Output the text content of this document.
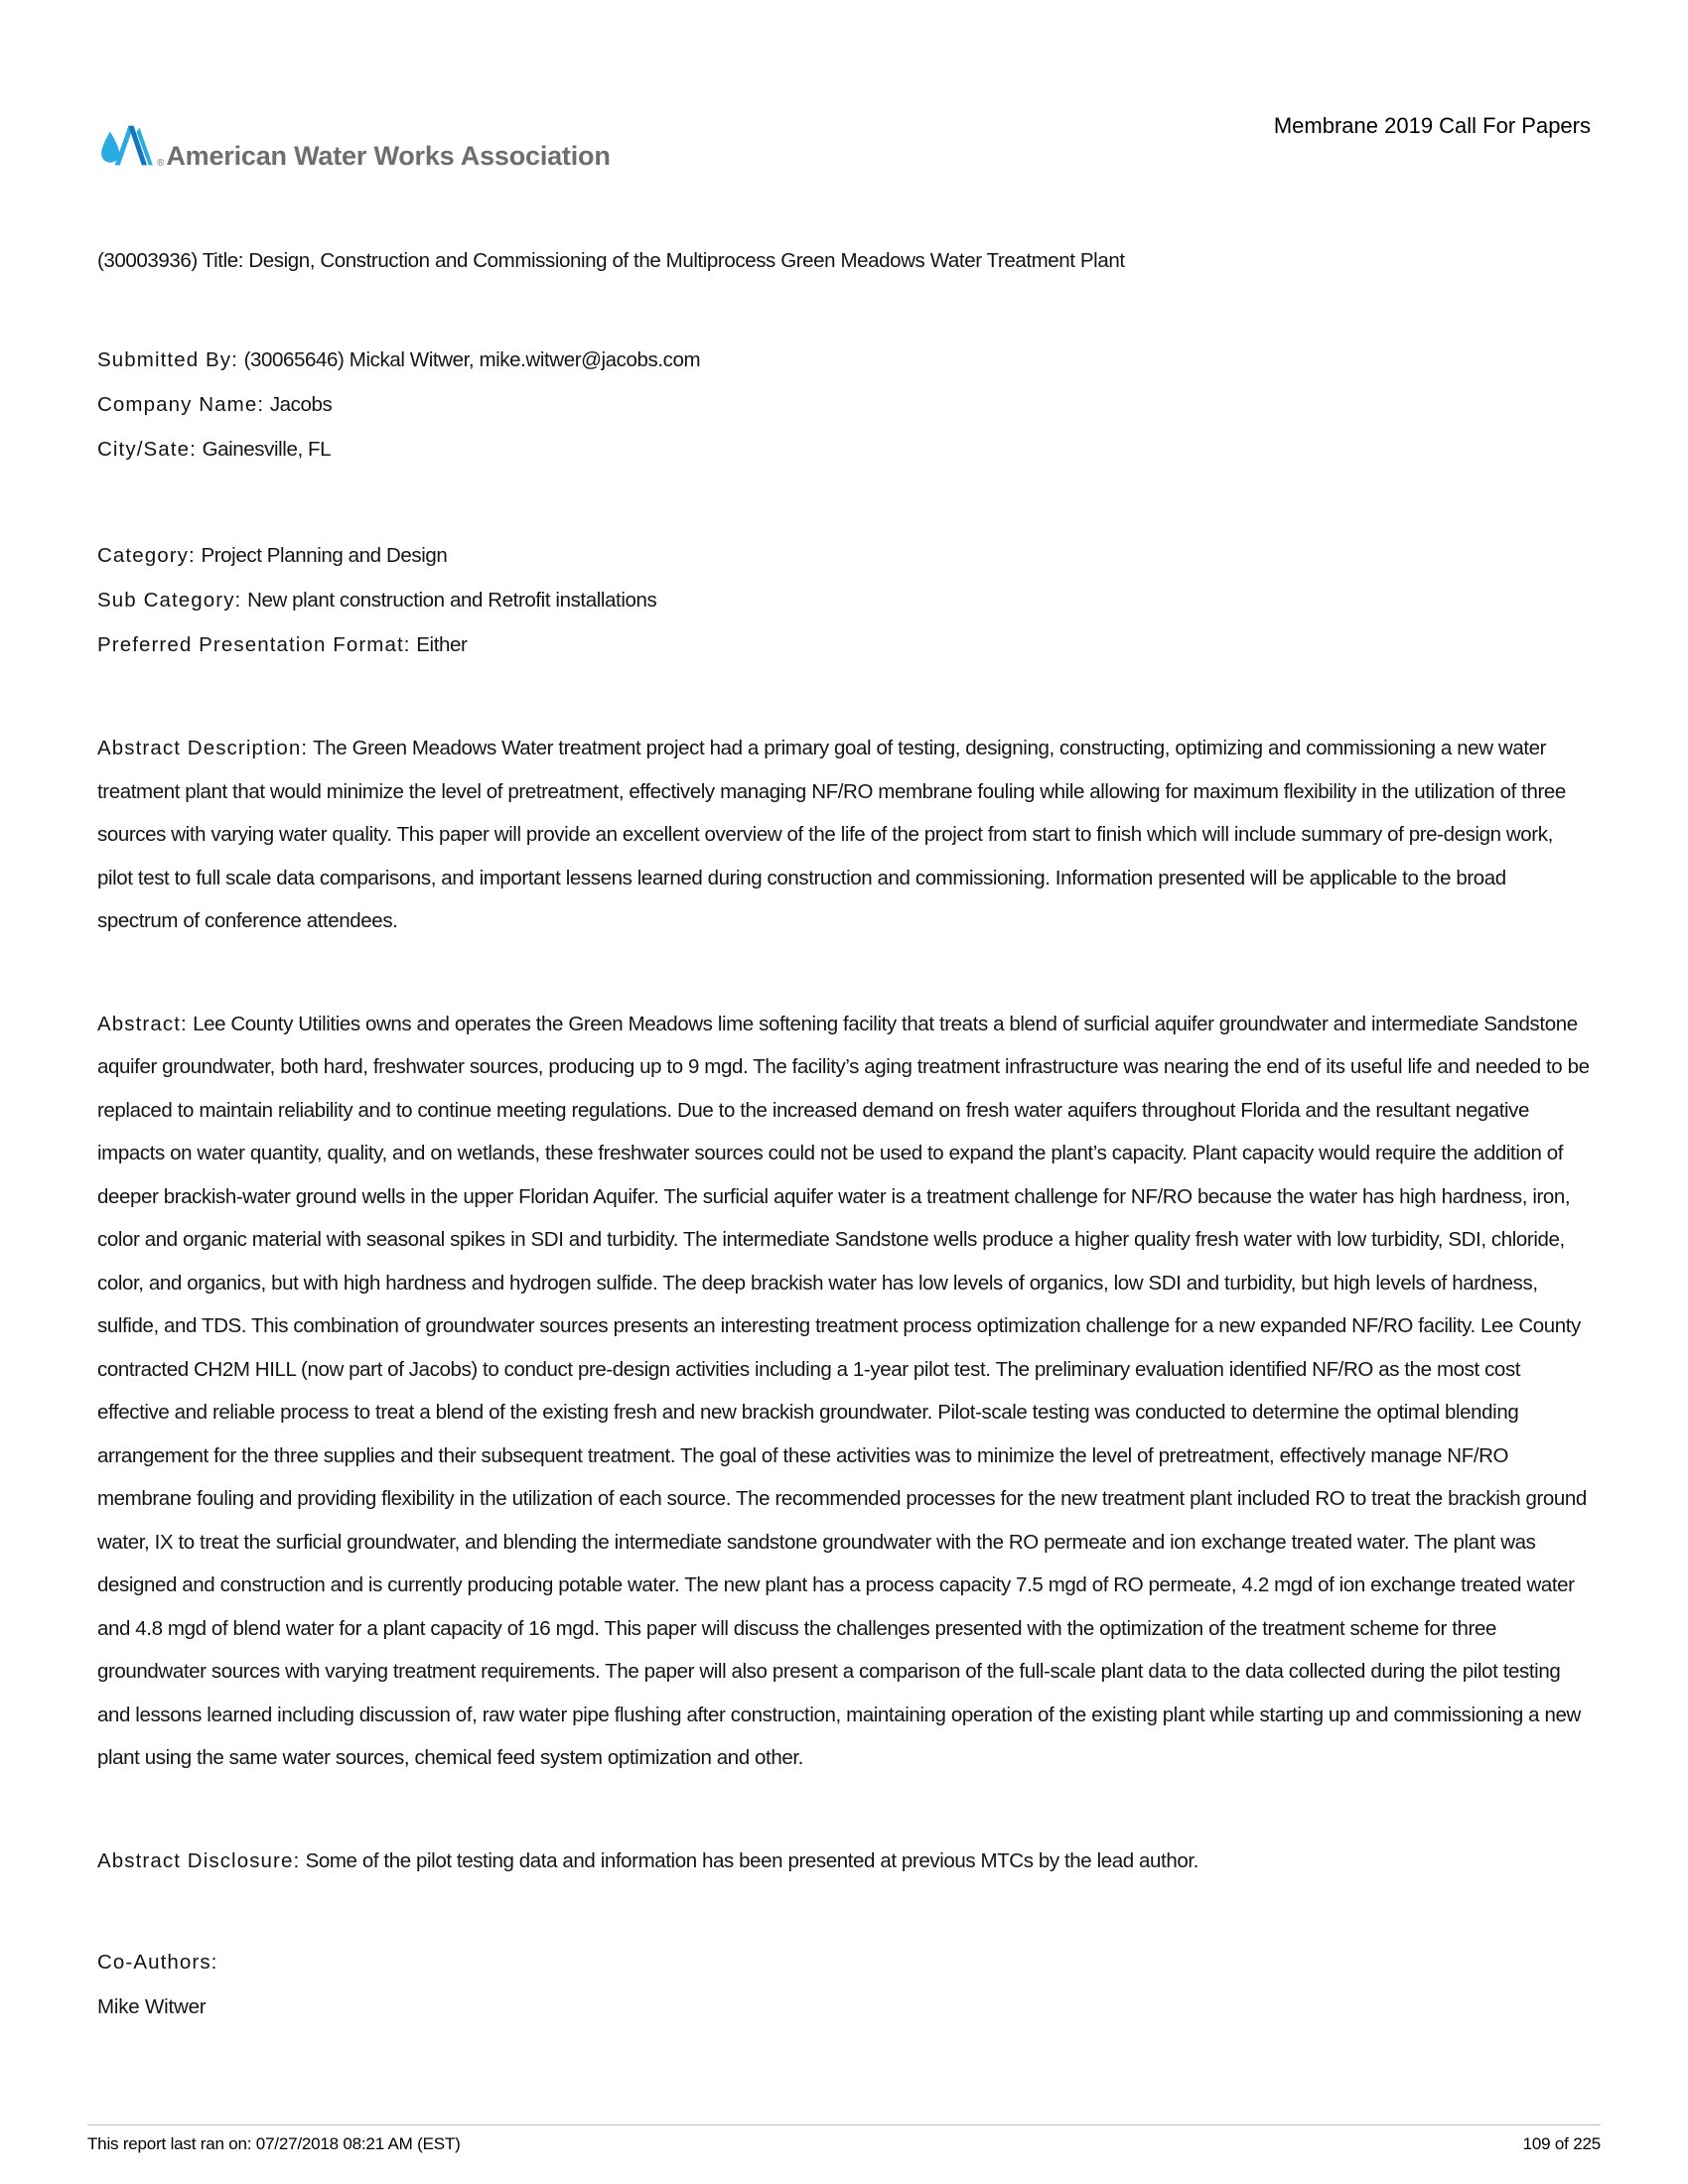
® American Water Works Association
Membrane 2019 Call For Papers
(30003936) Title: Design, Construction and Commissioning of the Multiprocess Green Meadows Water Treatment Plant
Submitted By: (30065646) Mickal Witwer, mike.witwer@jacobs.com
Company Name: Jacobs
City/Sate: Gainesville, FL
Category: Project Planning and Design
Sub Category: New plant construction and Retrofit installations
Preferred Presentation Format: Either

Abstract Description: The Green Meadows Water treatment project had a primary goal of testing, designing, constructing, optimizing and commissioning a new water treatment plant that would minimize the level of pretreatment, effectively managing NF/RO membrane fouling while allowing for maximum flexibility in the utilization of three sources with varying water quality. This paper will provide an excellent overview of the life of the project from start to finish which will include summary of pre-design work, pilot test to full scale data comparisons, and important lessens learned during construction and commissioning. Information presented will be applicable to the broad spectrum of conference attendees.

Abstract: Lee County Utilities owns and operates the Green Meadows lime softening facility that treats a blend of surficial aquifer groundwater and intermediate Sandstone aquifer groundwater, both hard, freshwater sources, producing up to 9 mgd. The facility’s aging treatment infrastructure was nearing the end of its useful life and needed to be replaced to maintain reliability and to continue meeting regulations. Due to the increased demand on fresh water aquifers throughout Florida and the resultant negative impacts on water quantity, quality, and on wetlands, these freshwater sources could not be used to expand the plant’s capacity. Plant capacity would require the addition of deeper brackish-water ground wells in the upper Floridan Aquifer. The surficial aquifer water is a treatment challenge for NF/RO because the water has high hardness, iron, color and organic material with seasonal spikes in SDI and turbidity. The intermediate Sandstone wells produce a higher quality fresh water with low turbidity, SDI, chloride, color, and organics, but with high hardness and hydrogen sulfide. The deep brackish water has low levels of organics, low SDI and turbidity, but high levels of hardness, sulfide, and TDS. This combination of groundwater sources presents an interesting treatment process optimization challenge for a new expanded NF/RO facility. Lee County contracted CH2M HILL (now part of Jacobs) to conduct pre-design activities including a 1-year pilot test. The preliminary evaluation identified NF/RO as the most cost effective and reliable process to treat a blend of the existing fresh and new brackish groundwater. Pilot-scale testing was conducted to determine the optimal blending arrangement for the three supplies and their subsequent treatment. The goal of these activities was to minimize the level of pretreatment, effectively manage NF/RO membrane fouling and providing flexibility in the utilization of each source. The recommended processes for the new treatment plant included RO to treat the brackish ground water, IX to treat the surficial groundwater, and blending the intermediate sandstone groundwater with the RO permeate and ion exchange treated water. The plant was designed and construction and is currently producing potable water. The new plant has a process capacity 7.5 mgd of RO permeate, 4.2 mgd of ion exchange treated water and 4.8 mgd of blend water for a plant capacity of 16 mgd. This paper will discuss the challenges presented with the optimization of the treatment scheme for three groundwater sources with varying treatment requirements. The paper will also present a comparison of the full-scale plant data to the data collected during the pilot testing and lessons learned including discussion of, raw water pipe flushing after construction, maintaining operation of the existing plant while starting up and commissioning a new plant using the same water sources, chemical feed system optimization and other.

Abstract Disclosure: Some of the pilot testing data and information has been presented at previous MTCs by the lead author.

Co-Authors:
Mike Witwer
This report last ran on: 07/27/2018 08:21 AM (EST)	109 of 225
